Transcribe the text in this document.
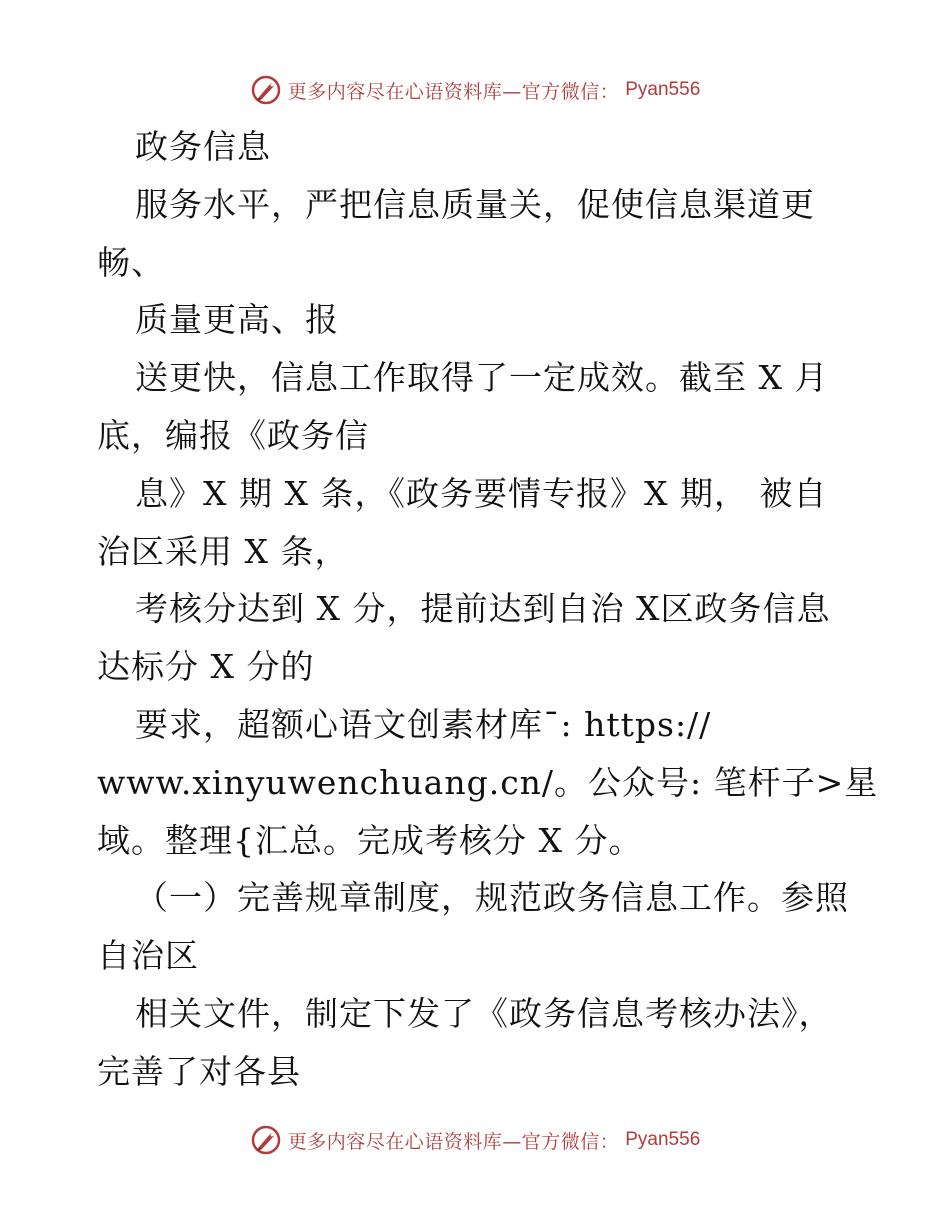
更多内容尽在心语资料库—官方微信： Pyan556
政务信息
服务水平，严把信息质量关，促使信息渠道更
畅、
质量更高、报
送更快，信息工作取得了一定成效。截至 X 月
底，编报《政务信
息》X 期 X 条，《政务要情专报》X 期， 被自
治区采用 X 条，
考核分达到 X 分，提前达到自治 X区政务信息
达标分 X 分的
要求，超额心语文创素材库¯: https://
www.xinyuwenchuang.cn/。公众号: 笔杆子>星
域。整理{汇总。完成考核分 X 分。
（一）完善规章制度，规范政务信息工作。参照
自治区
相关文件，制定下发了《政务信息考核办法》，
完善了对各县
更多内容尽在心语资料库—官方微信： Pyan556
